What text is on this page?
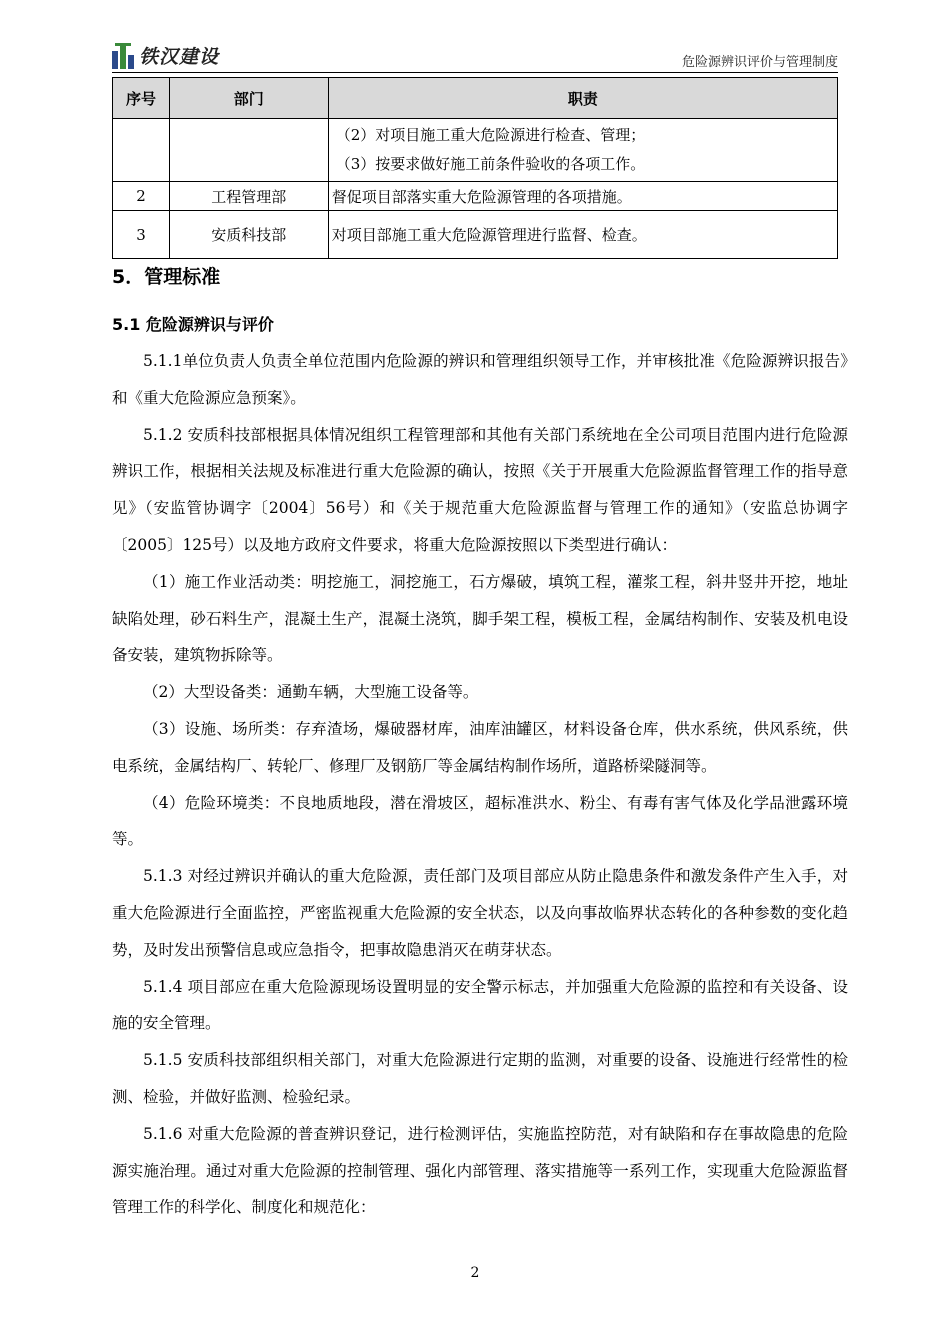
铁汉建设	危险源辨识评价与管理制度
序号	部门	职责

		（2）对项目施工重大危险源进行检查、管理；
（3）按要求做好施工前条件验收的各项工作。

2	工程管理部	督促项目部落实重大危险源管理的各项措施。
3	安质科技部	对项目部施工重大危险源管理进行监督、检查。
5．管理标准
5.1 危险源辨识与评价

5.1.1单位负责人负责全单位范围内危险源的辨识和管理组织领导工作，并审核批准《危险源辨识报告》和《重大危险源应急预案》。

5.1.2 安质科技部根据具体情况组织工程管理部和其他有关部门系统地在全公司项目范围内进行危险源辨识工作，根据相关法规及标准进行重大危险源的确认，按照《关于开展重大危险源监督管理工作的指导意见》（安监管协调字〔2004〕56号）和《关于规范重大危险源监督与管理工作的通知》（安监总协调字〔2005〕125号）以及地方政府文件要求，将重大危险源按照以下类型进行确认：

（1）施工作业活动类：明挖施工，洞挖施工，石方爆破，填筑工程，灌浆工程，斜井竖井开挖，地址缺陷处理，砂石料生产，混凝土生产，混凝土浇筑，脚手架工程，模板工程，金属结构制作、安装及机电设备安装，建筑物拆除等。

（2）大型设备类：通勤车辆，大型施工设备等。

（3）设施、场所类：存弃渣场，爆破器材库，油库油罐区，材料设备仓库，供水系统，供风系统，供电系统，金属结构厂、转轮厂、修理厂及钢筋厂等金属结构制作场所，道路桥梁隧洞等。

（4）危险环境类：不良地质地段，潜在滑坡区，超标准洪水、粉尘、有毒有害气体及化学品泄露环境等。

5.1.3 对经过辨识并确认的重大危险源，责任部门及项目部应从防止隐患条件和激发条件产生入手，对重大危险源进行全面监控，严密监视重大危险源的安全状态，以及向事故临界状态转化的各种参数的变化趋势，及时发出预警信息或应急指令，把事故隐患消灭在萌芽状态。

5.1.4 项目部应在重大危险源现场设置明显的安全警示标志，并加强重大危险源的监控和有关设备、设施的安全管理。

5.1.5 安质科技部组织相关部门，对重大危险源进行定期的监测，对重要的设备、设施进行经常性的检测、检验，并做好监测、检验纪录。

5.1.6 对重大危险源的普查辨识登记，进行检测评估，实施监控防范，对有缺陷和存在事故隐患的危险源实施治理。通过对重大危险源的控制管理、强化内部管理、落实措施等一系列工作，实现重大危险源监督管理工作的科学化、制度化和规范化：

2
